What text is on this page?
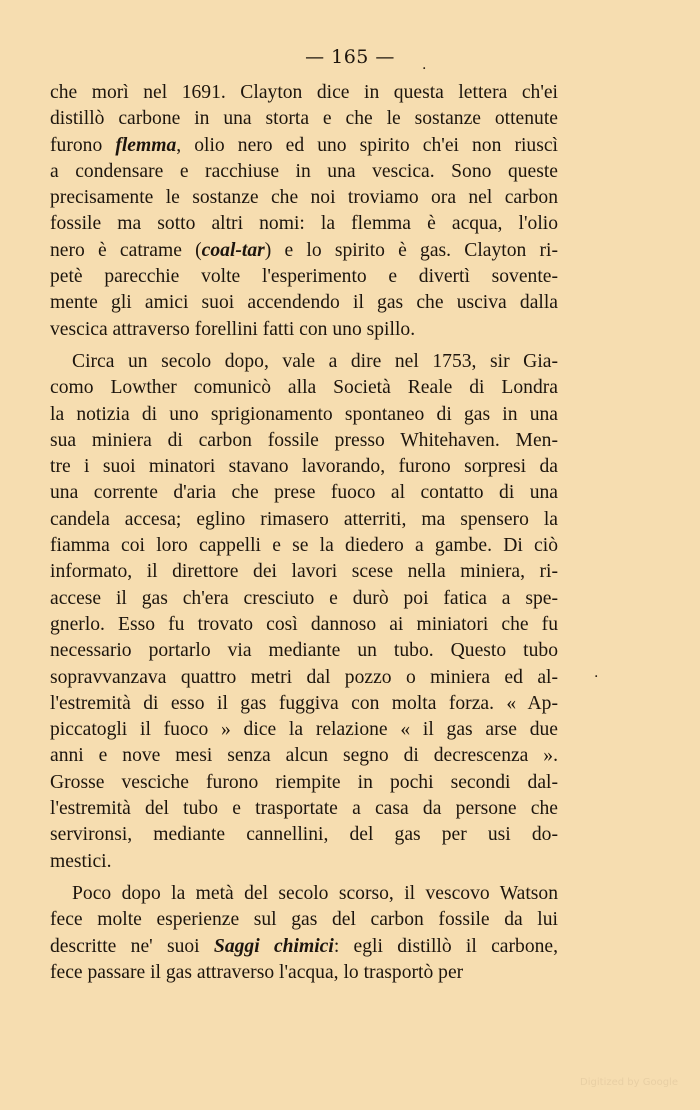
— 165 —
·
·
che morì nel 1691. Clayton dice in questa lettera ch'ei
distillò carbone in una storta e che le sostanze ottenute
furono flemma, olio nero ed uno spirito ch'ei non riuscì
a condensare e racchiuse in una vescica. Sono queste
precisamente le sostanze che noi troviamo ora nel carbon
fossile ma sotto altri nomi: la flemma è acqua, l'olio
nero è catrame (coal-tar) e lo spirito è gas. Clayton ri-
petè parecchie volte l'esperimento e divertì sovente-
mente gli amici suoi accendendo il gas che usciva dalla
vescica attraverso forellini fatti con uno spillo.
Circa un secolo dopo, vale a dire nel 1753, sir Gia-
como Lowther comunicò alla Società Reale di Londra
la notizia di uno sprigionamento spontaneo di gas in una
sua miniera di carbon fossile presso Whitehaven. Men-
tre i suoi minatori stavano lavorando, furono sorpresi da
una corrente d'aria che prese fuoco al contatto di una
candela accesa; eglino rimasero atterriti, ma spensero la
fiamma coi loro cappelli e se la diedero a gambe. Di ciò
informato, il direttore dei lavori scese nella miniera, ri-
accese il gas ch'era cresciuto e durò poi fatica a spe-
gnerlo. Esso fu trovato così dannoso ai miniatori che fu
necessario portarlo via mediante un tubo. Questo tubo
sopravvanzava quattro metri dal pozzo o miniera ed al-
l'estremità di esso il gas fuggiva con molta forza. « Ap-
piccatogli il fuoco » dice la relazione « il gas arse due
anni e nove mesi senza alcun segno di decrescenza ».
Grosse vesciche furono riempite in pochi secondi dal-
l'estremità del tubo e trasportate a casa da persone che
servironsi, mediante cannellini, del gas per usi do-
mestici.
Poco dopo la metà del secolo scorso, il vescovo Watson
fece molte esperienze sul gas del carbon fossile da lui
descritte ne' suoi Saggi chimici: egli distillò il carbone,
fece passare il gas attraverso l'acqua, lo trasportò per
Digitized by Google
